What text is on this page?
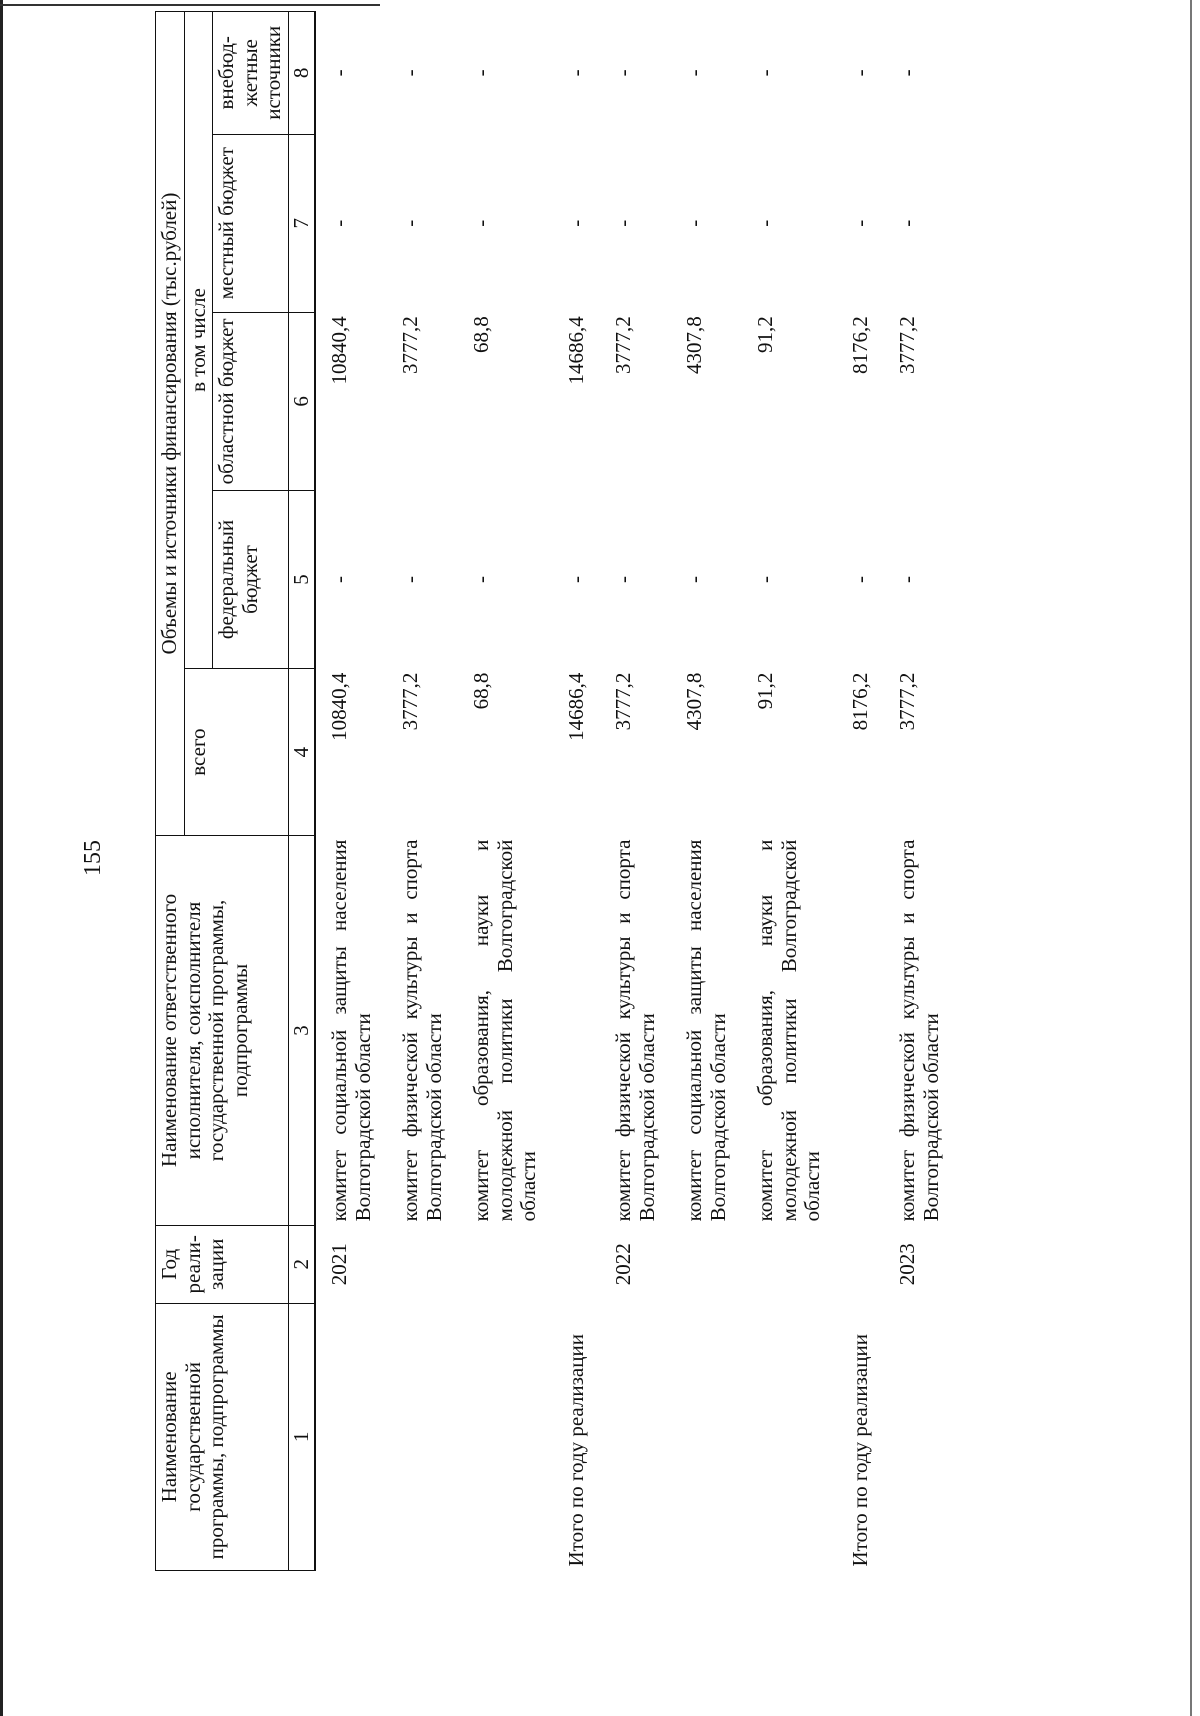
155
Наименование государственной программы, подпрограммы	Год реали-зации	Наименование ответственного исполнителя, соисполнителя государственной программы, подпрограммы	Объемы и источники финансирования (тыс.рублей)				
			всего	в том числе			
				федеральный бюджет	областной бюджет	местный бюджет	внебюд-жетные источники
1	2	3	4	5	6	7	8
	2021	комитет социальной защиты населения Волгоградской области	10840,4	-	10840,4	-	-
		комитет физической культуры и спорта Волгоградской области	3777,2	-	3777,2	-	-
		комитет образования, науки и молодежной политики Волгоградской области	68,8	-	68,8	-	-
Итого по году реализации			14686,4	-	14686,4	-	-
	2022	комитет физической культуры и спорта Волгоградской области	3777,2	-	3777,2	-	-
		комитет социальной защиты населения Волгоградской области	4307,8	-	4307,8	-	-
		комитет образования, науки и молодежной политики Волгоградской области	91,2	-	91,2	-	-
Итого по году реализации			8176,2	-	8176,2	-	-
	2023	комитет физической культуры и спорта Волгоградской области	3777,2	-	3777,2	-	-
